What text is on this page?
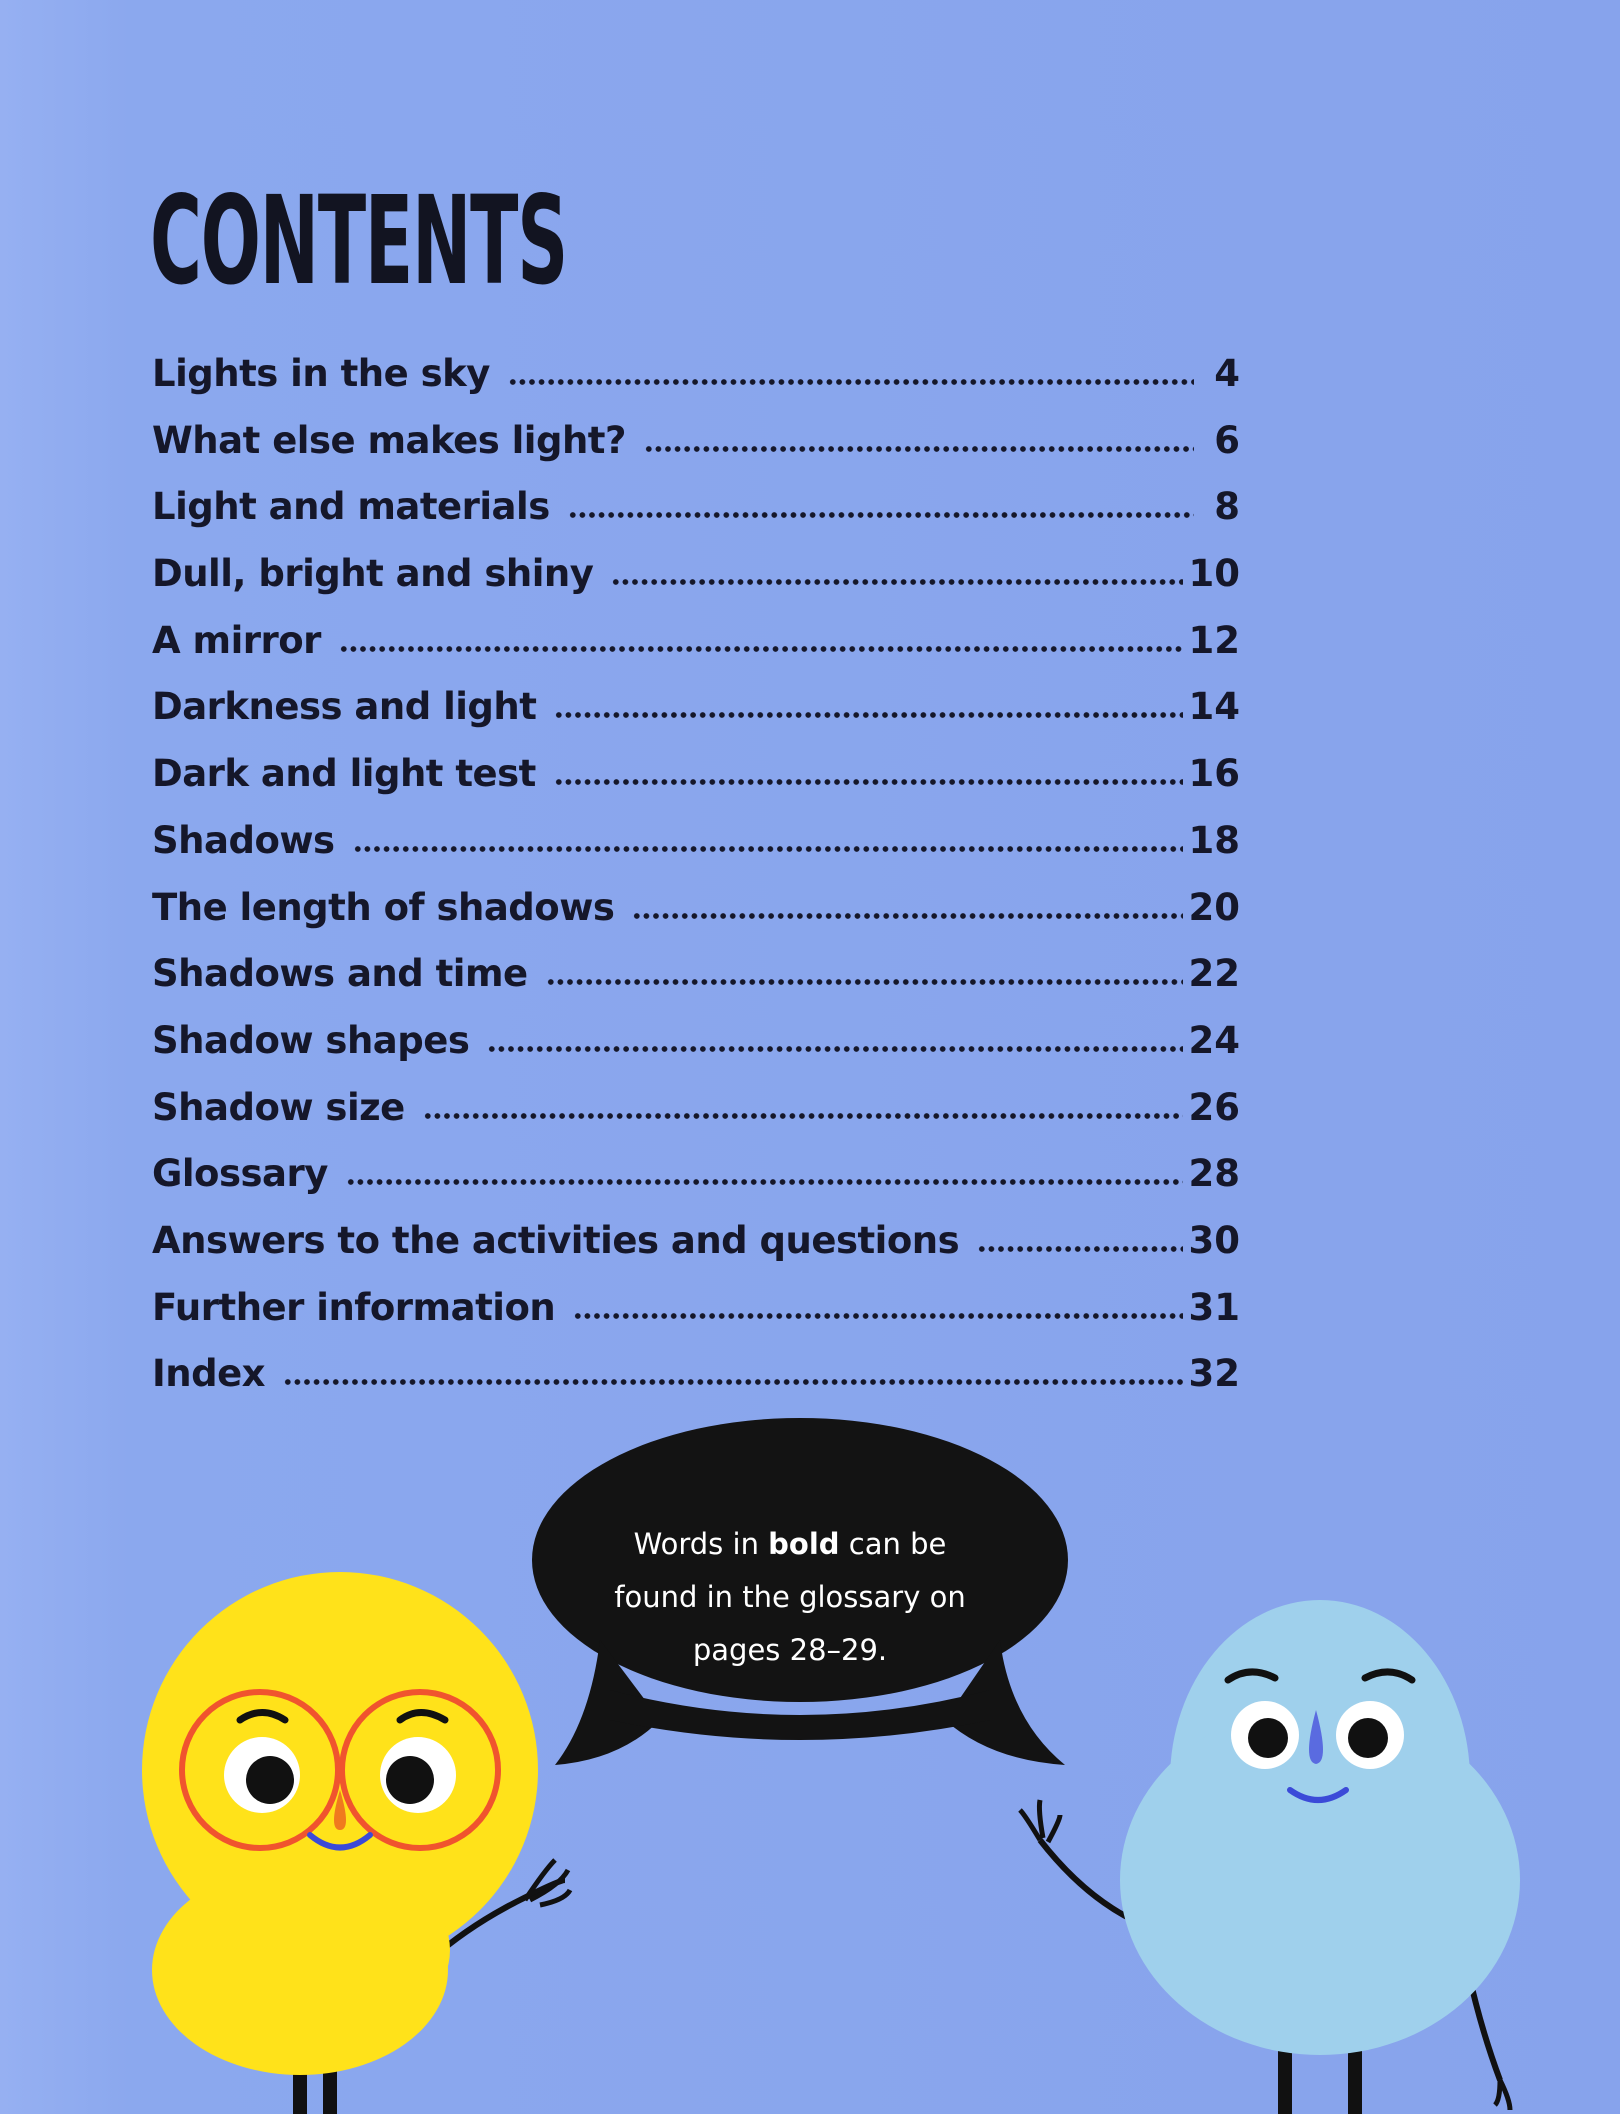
CONTENTS
Lights in the sky	4
What else makes light?	6
Light and materials	8
Dull, bright and shiny	10
A mirror	12
Darkness and light	14
Dark and light test	16
Shadows	18
The length of shadows	20
Shadows and time	22
Shadow shapes	24
Shadow size	26
Glossary	28
Answers to the activities and questions	30
Further information	31
Index	32
Words in bold can be found in the glossary on pages 28–29.
